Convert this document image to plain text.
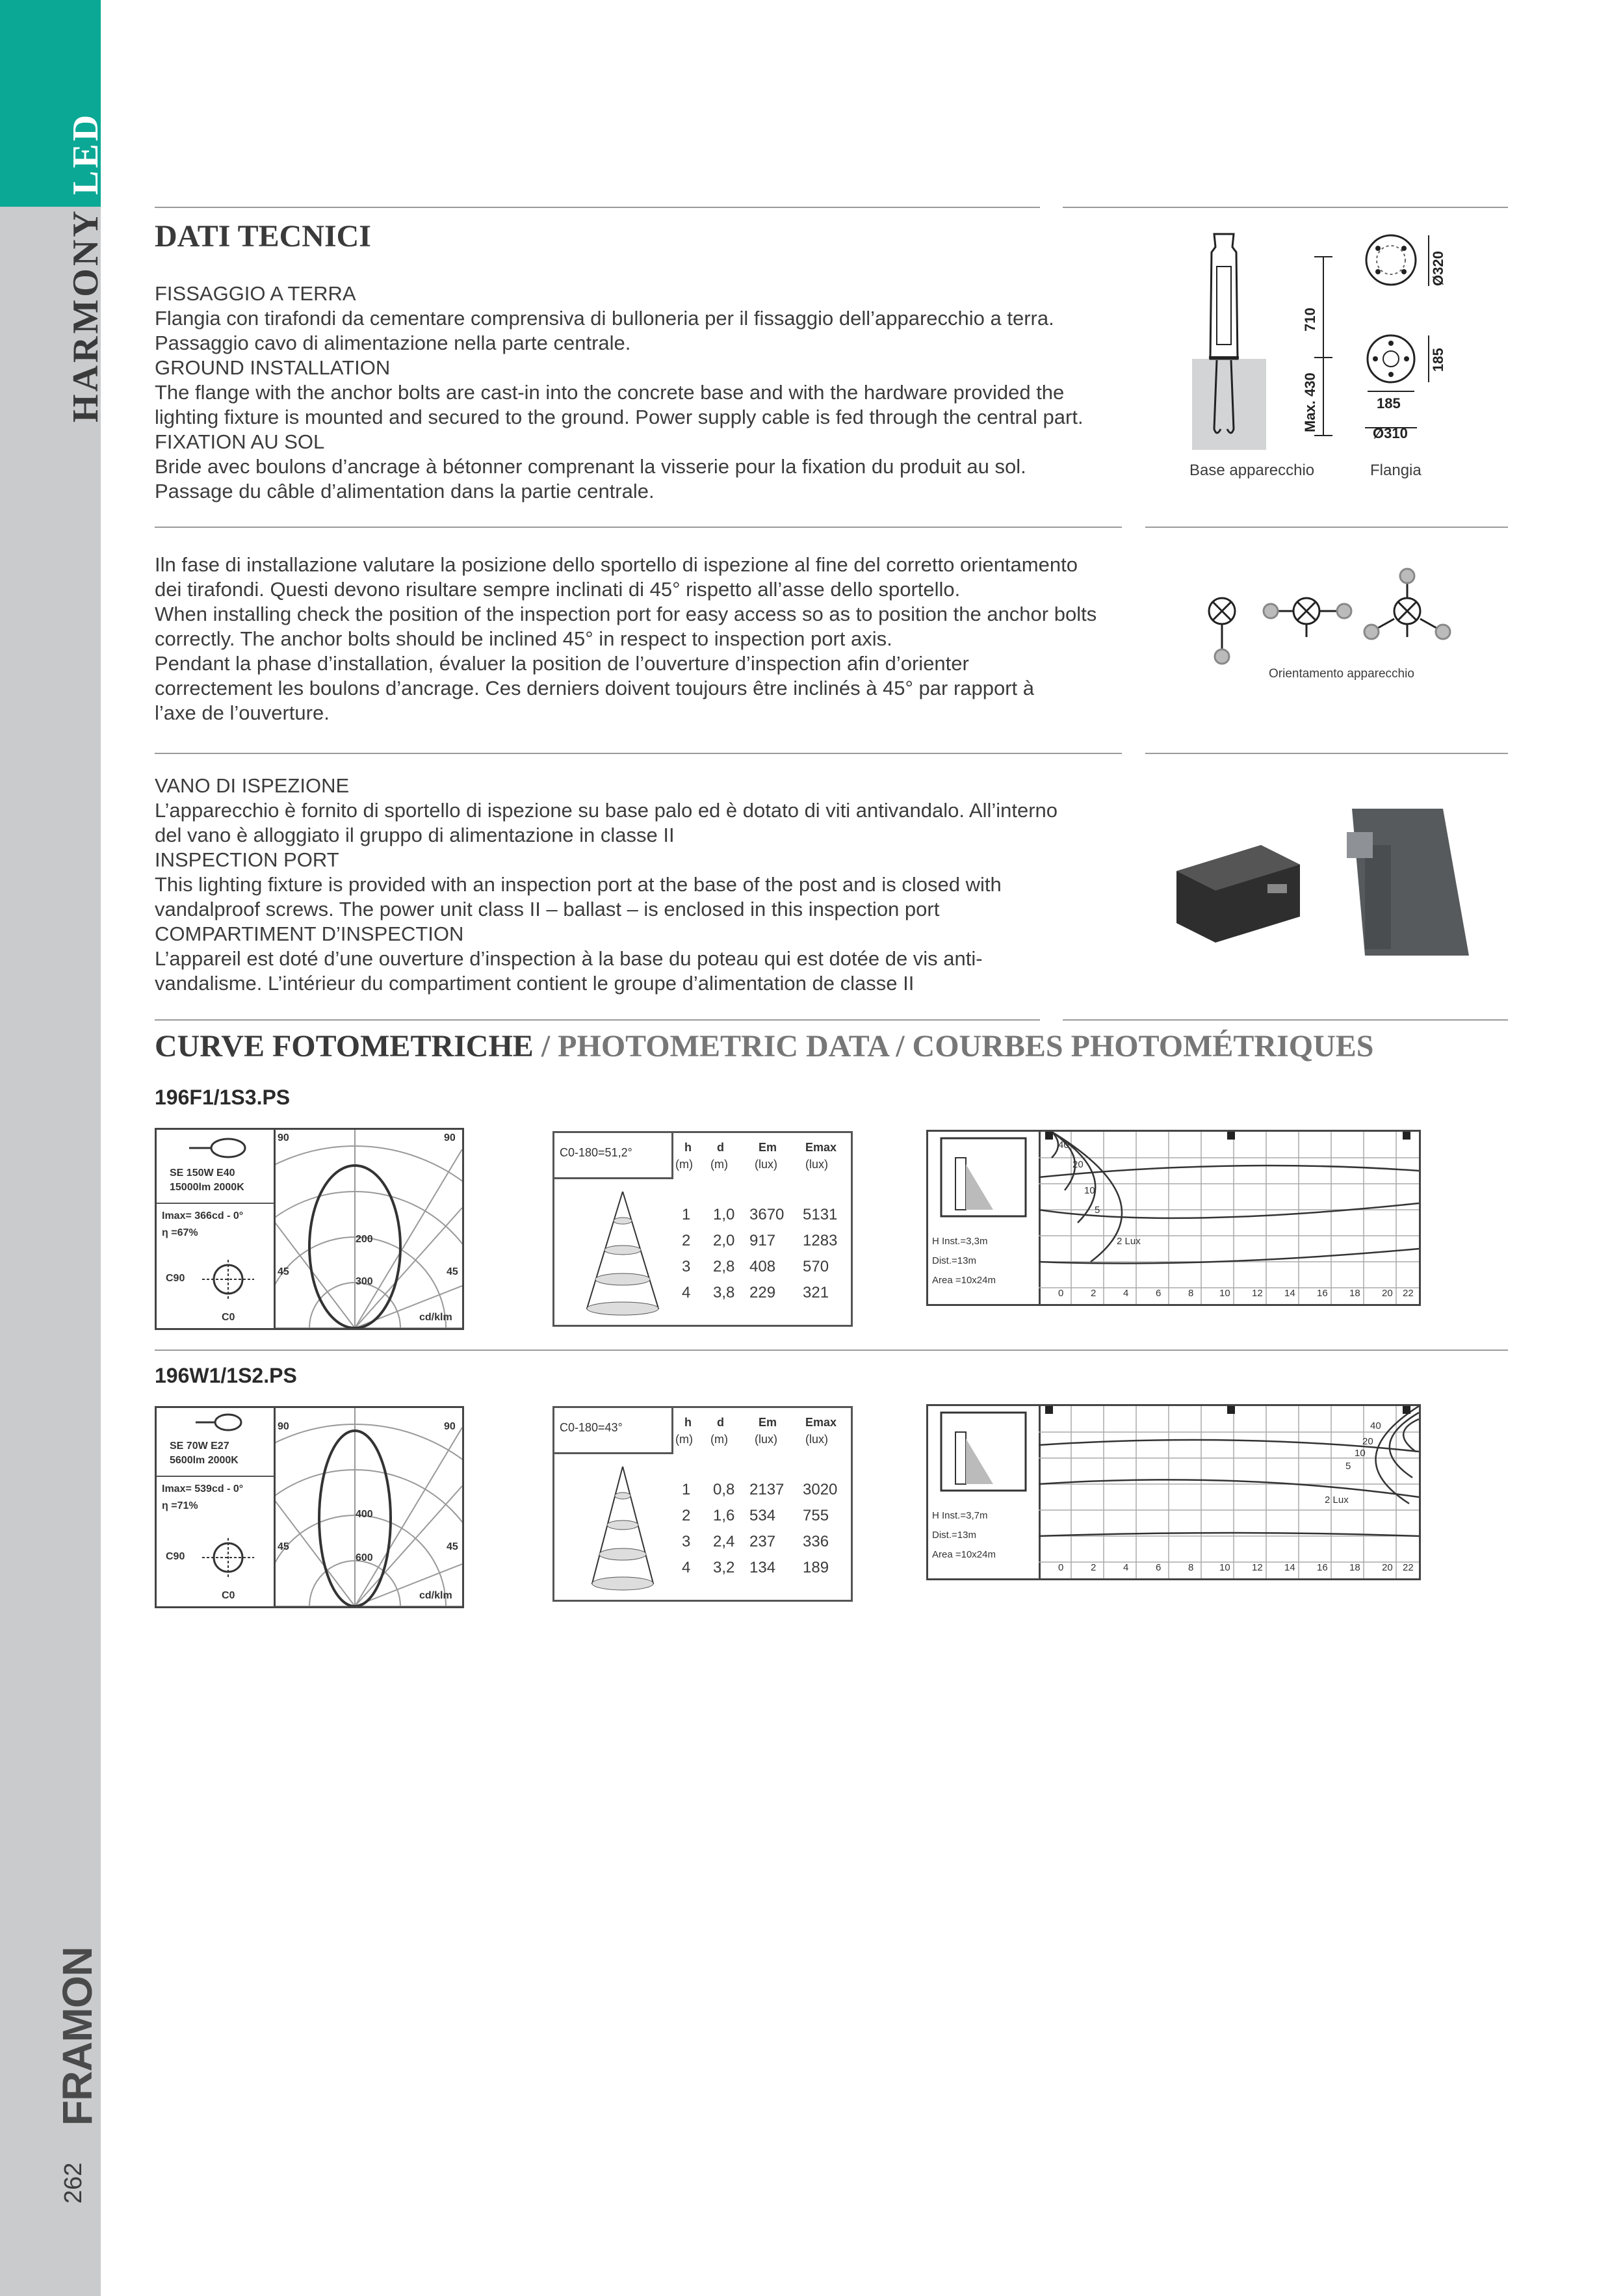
LED
HARMONY
FRAMON
262
DATI TECNICI

FISSAGGIO A TERRA

Flangia con tirafondi da cementare comprensiva di bulloneria per il fissaggio dell’apparecchio a terra.

Passaggio cavo di alimentazione nella parte centrale.

GROUND INSTALLATION

The flange with the anchor bolts are cast-in into the concrete base and with the hardware provided the

lighting fixture is mounted and secured to the ground. Power supply cable is fed through the central part.

FIXATION AU SOL

Bride avec boulons d’ancrage à bétonner comprenant la visserie pour la fixation du produit au sol.

Passage du câble d’alimentation dans la partie centrale.

710
Max. 430
Ø320
185
185
Ø310
Base apparecchio	Flangia

Iln fase di installazione valutare la posizione dello sportello di ispezione al fine del corretto orientamento

dei tirafondi. Questi devono risultare sempre inclinati di 45° rispetto all’asse dello sportello.

When installing check the position of the inspection port for easy access so as to position the anchor bolts

correctly. The anchor bolts should be inclined 45° in respect to inspection port axis.

Pendant la phase d’installation, évaluer la position de l’ouverture d’inspection afin d’orienter

correctement les boulons d’ancrage. Ces derniers doivent toujours être inclinés à 45° par rapport à

l’axe de l’ouverture.

Orientamento apparecchio

VANO DI ISPEZIONE

L’apparecchio è fornito di sportello di ispezione su base palo ed è dotato di viti antivandalo. All’interno

del vano è alloggiato il gruppo di alimentazione in classe II

INSPECTION PORT

This lighting fixture is provided with an inspection port at the base of the post and is closed with

vandalproof screws. The power unit class II – ballast – is enclosed in this inspection port

COMPARTIMENT D’INSPECTION

L’appareil est doté d’une ouverture d’inspection à la base du poteau qui est dotée de vis anti-

vandalisme. L’intérieur du compartiment contient le groupe d’alimentation de classe II

CURVE FOTOMETRICHE / PHOTOMETRIC DATA / COURBES PHOTOMÉTRIQUES
196F1/1S3.PS
SE 150W E40
15000lm 2000K
Imax= 366cd - 0°
η =67%
C90
C0
200
300
90	90
45	45
cd/klm
C0-180=51,2°	h d	Em Emax
(m) (m) (lux) (lux)
1 1,0 3670 5131
2 2,0 917 1283
3 2,8 408 570
4 3,8 229 321
H Inst.=3,3m
Dist.=13m
Area =10x24m
40
20
10
5
2 Lux
0	2	4	6	8	10 12 14 16 18 20 22
196W1/1S2.PS
SE 70W E27
5600lm 2000K
Imax= 539cd - 0°
η =71%
C90
C0
400
600
90	90
45	45
cd/klm
C0-180=43°	h d	Em Emax
(m) (m) (lux) (lux)
1 0,8 2137 3020
2 1,6 534 755
3 2,4 237 336
4 3,2 134 189
H Inst.=3,7m
Dist.=13m
Area =10x24m
40
20
10
5
2 Lux
0	2	4	6	8	10 12 14 16 18 20 22
